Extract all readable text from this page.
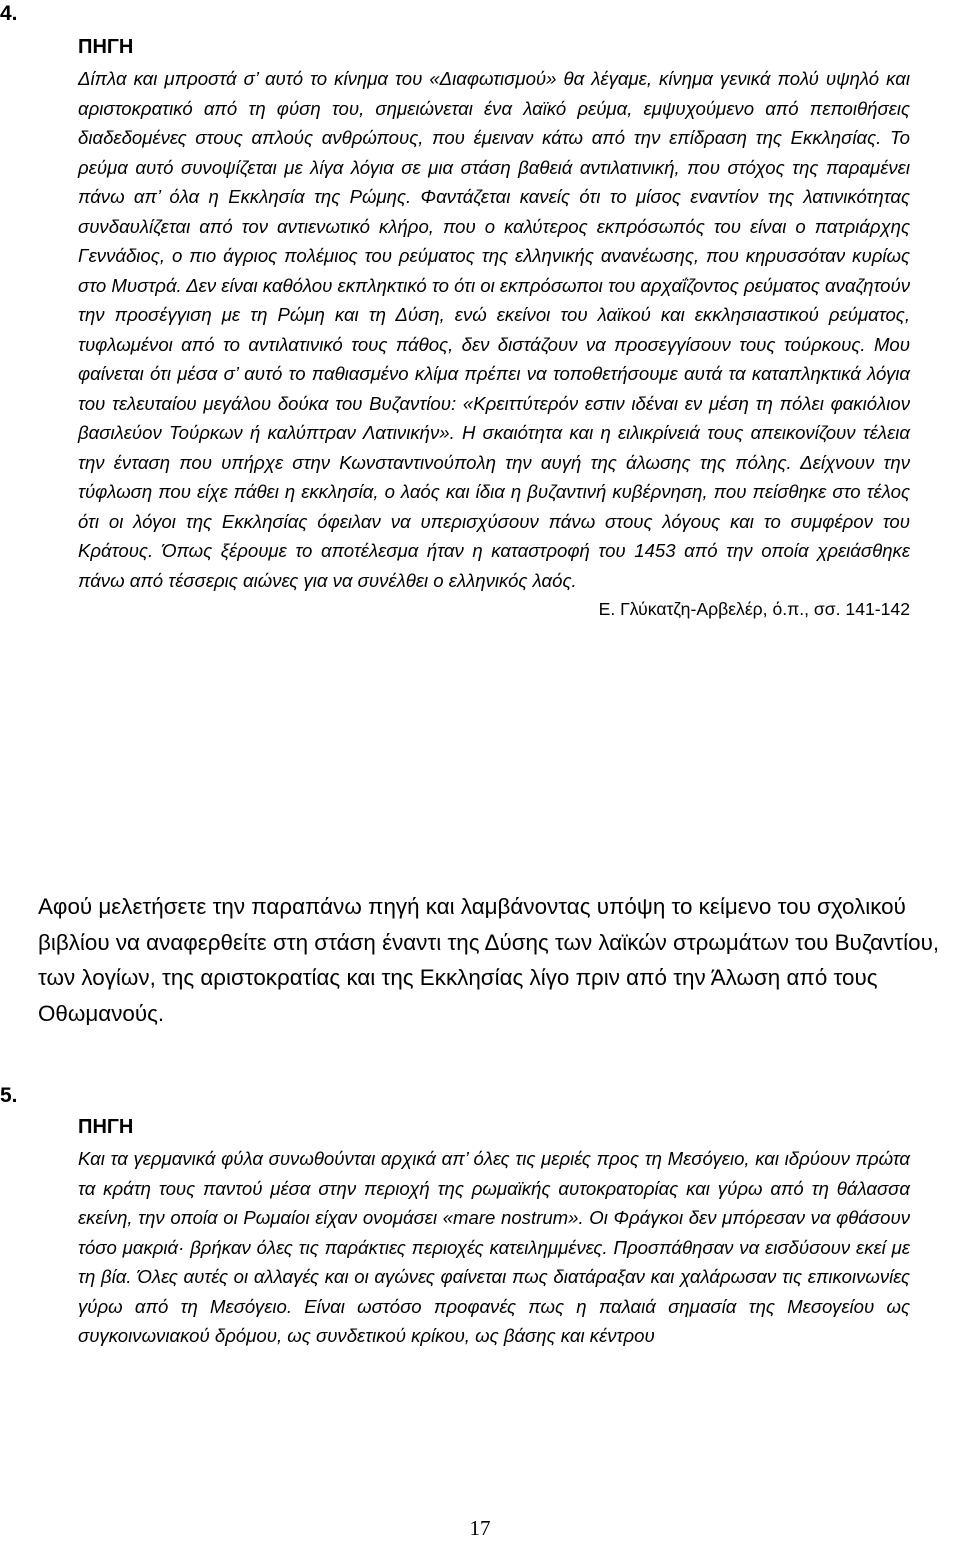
4.

ΠΗΓΗ

Δίπλα και μπροστά σ’ αυτό το κίνημα του «Διαφωτισμού» θα λέγαμε, κίνημα γενικά πολύ υψηλό και αριστοκρατικό από τη φύση του, σημειώνεται ένα λαϊκό ρεύμα, εμψυχούμενο από πεποιθήσεις διαδεδομένες στους απλούς ανθρώπους, που έμειναν κάτω από την επίδραση της Εκκλησίας. Το ρεύμα αυτό συνοψίζεται με λίγα λόγια σε μια στάση βαθειά αντιλατινική, που στόχος της παραμένει πάνω απ’ όλα η Εκκλησία της Ρώμης. Φαντάζεται κανείς ότι το μίσος εναντίον της λατινικότητας συνδαυλίζεται από τον αντιενωτικό κλήρο, που ο καλύτερος εκπρόσωπός του είναι ο πατριάρχης Γεννάδιος, ο πιο άγριος πολέμιος του ρεύματος της ελληνικής ανανέωσης, που κηρυσσόταν κυρίως στο Μυστρά. Δεν είναι καθόλου εκπληκτικό το ότι οι εκπρόσωποι του αρχαΐζοντος ρεύματος αναζητούν την προσέγγιση με τη Ρώμη και τη Δύση, ενώ εκείνοι του λαϊκού και εκκλησιαστικού ρεύματος, τυφλωμένοι από το αντιλατινικό τους πάθος, δεν διστάζουν να προσεγγίσουν τους τούρκους. Μου φαίνεται ότι μέσα σ’ αυτό το παθιασμένο κλίμα πρέπει να τοποθετήσουμε αυτά τα καταπληκτικά λόγια του τελευταίου μεγάλου δούκα του Βυζαντίου: «Κρειττύτερόν εστιν ιδέναι εν μέση τη πόλει φακιόλιον βασιλεύον Τούρκων ή καλύπτραν Λατινικήν». Η σκαιότητα και η ειλικρίνειά τους απεικονίζουν τέλεια την ένταση που υπήρχε στην Κωνσταντινούπολη την αυγή της άλωσης της πόλης. Δείχνουν την τύφλωση που είχε πάθει η εκκλησία, ο λαός και ίδια η βυζαντινή κυβέρνηση, που πείσθηκε στο τέλος ότι οι λόγοι της Εκκλησίας όφειλαν να υπερισχύσουν πάνω στους λόγους και το συμφέρον του Κράτους. Όπως ξέρουμε το αποτέλεσμα ήταν η καταστροφή του 1453 από την οποία χρειάσθηκε πάνω από τέσσερις αιώνες για να συνέλθει ο ελληνικός λαός.

Ε. Γλύκατζη-Αρβελέρ, ό.π., σσ. 141-142

Αφού μελετήσετε την παραπάνω πηγή και λαμβάνοντας υπόψη το κείμενο του σχολικού βιβλίου να αναφερθείτε στη στάση έναντι της Δύσης των λαϊκών στρωμάτων του Βυζαντίου, των λογίων, της αριστοκρατίας και της Εκκλησίας λίγο πριν από την Άλωση από τους Οθωμανούς.

5.

ΠΗΓΗ

Και τα γερμανικά φύλα συνωθούνται αρχικά απ’ όλες τις μεριές προς τη Μεσόγειο, και ιδρύουν πρώτα τα κράτη τους παντού μέσα στην περιοχή της ρωμαϊκής αυτοκρατορίας και γύρω από τη θάλασσα εκείνη, την οποία οι Ρωμαίοι είχαν ονομάσει «mare nostrum». Οι Φράγκοι δεν μπόρεσαν να φθάσουν τόσο μακριά· βρήκαν όλες τις παράκτιες περιοχές κατειλημμένες. Προσπάθησαν να εισδύσουν εκεί με τη βία. Όλες αυτές οι αλλαγές και οι αγώνες φαίνεται πως διατάραξαν και χαλάρωσαν τις επικοινωνίες γύρω από τη Μεσόγειο. Είναι ωστόσο προφανές πως η παλαιά σημασία της Μεσογείου ως συγκοινωνιακού δρόμου, ως συνδετικού κρίκου, ως βάσης και κέντρου

17
